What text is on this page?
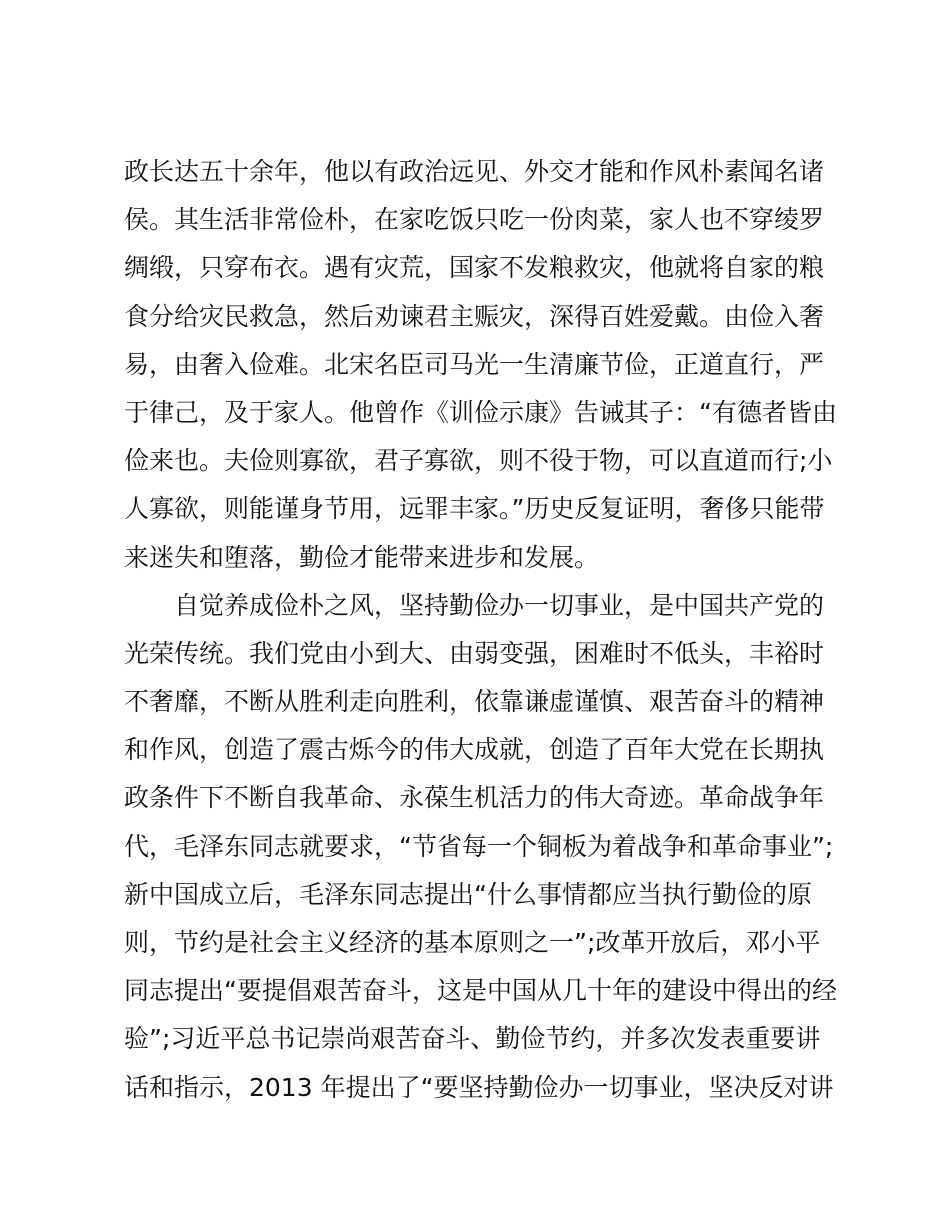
政长达五十余年，他以有政治远见、外交才能和作风朴素闻名诸
侯。其生活非常俭朴，在家吃饭只吃一份肉菜，家人也不穿绫罗
绸缎，只穿布衣。遇有灾荒，国家不发粮救灾，他就将自家的粮
食分给灾民救急，然后劝谏君主赈灾，深得百姓爱戴。由俭入奢
易，由奢入俭难。北宋名臣司马光一生清廉节俭，正道直行，严
于律己，及于家人。他曾作《训俭示康》告诫其子：“有德者皆由
俭来也。夫俭则寡欲，君子寡欲，则不役于物，可以直道而行;小
人寡欲，则能谨身节用，远罪丰家。”历史反复证明，奢侈只能带
来迷失和堕落，勤俭才能带来进步和发展。
自觉养成俭朴之风，坚持勤俭办一切事业，是中国共产党的
光荣传统。我们党由小到大、由弱变强，困难时不低头，丰裕时
不奢靡，不断从胜利走向胜利，依靠谦虚谨慎、艰苦奋斗的精神
和作风，创造了震古烁今的伟大成就，创造了百年大党在长期执
政条件下不断自我革命、永葆生机活力的伟大奇迹。革命战争年
代，毛泽东同志就要求，“节省每一个铜板为着战争和革命事业”;
新中国成立后，毛泽东同志提出“什么事情都应当执行勤俭的原
则，节约是社会主义经济的基本原则之一”;改革开放后，邓小平
同志提出“要提倡艰苦奋斗，这是中国从几十年的建设中得出的经
验”;习近平总书记崇尚艰苦奋斗、勤俭节约，并多次发表重要讲
话和指示，2013 年提出了“要坚持勤俭办一切事业，坚决反对讲
